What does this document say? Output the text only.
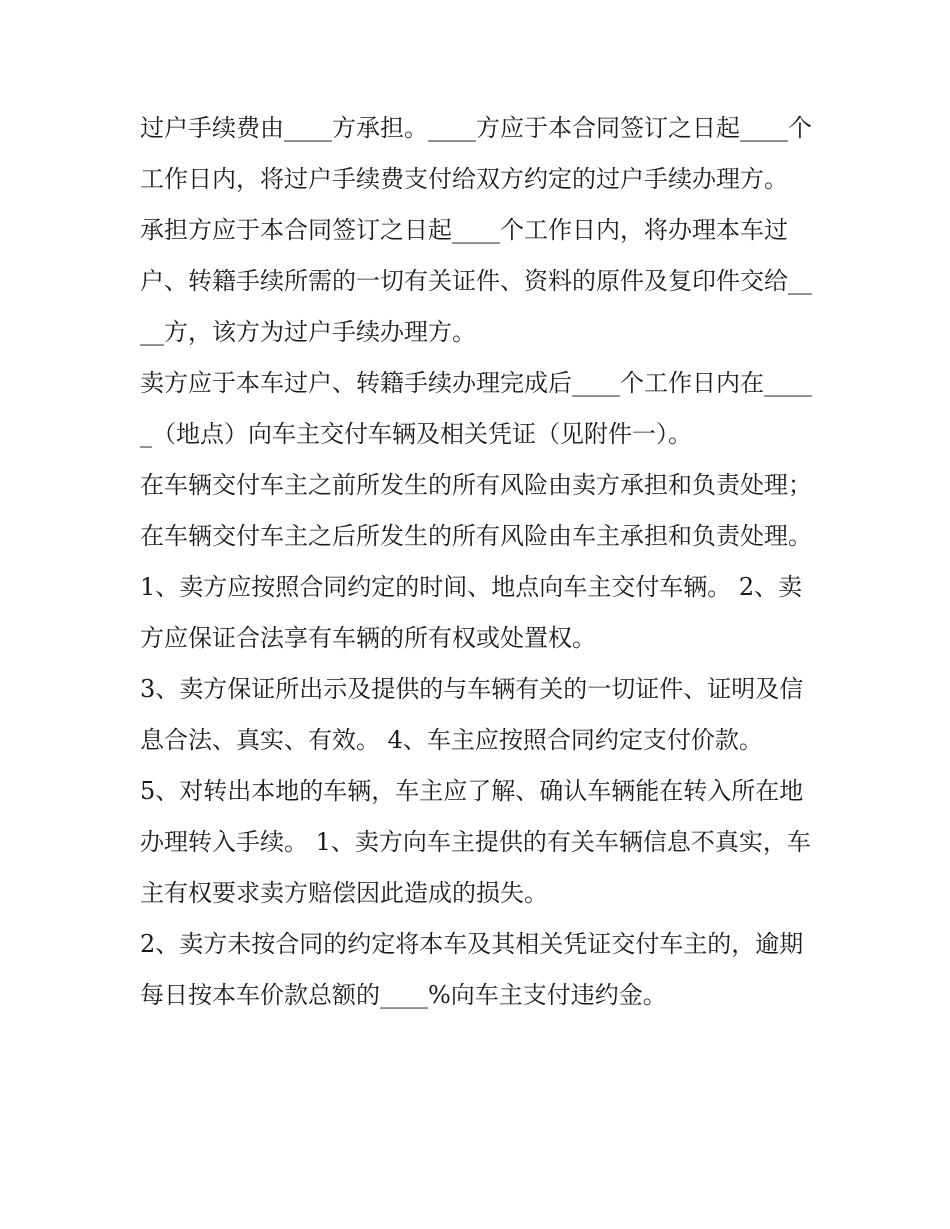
过户手续费由____方承担。____方应于本合同签订之日起____个工作日内，将过户手续费支付给双方约定的过户手续办理方。

承担方应于本合同签订之日起____个工作日内，将办理本车过户、转籍手续所需的一切有关证件、资料的原件及复印件交给____方，该方为过户手续办理方。

卖方应于本车过户、转籍手续办理完成后____个工作日内在_____（地点）向车主交付车辆及相关凭证（见附件一）。

在车辆交付车主之前所发生的所有风险由卖方承担和负责处理；在车辆交付车主之后所发生的所有风险由车主承担和负责处理。

1、卖方应按照合同约定的时间、地点向车主交付车辆。 2、卖方应保证合法享有车辆的所有权或处置权。

3、卖方保证所出示及提供的与车辆有关的一切证件、证明及信息合法、真实、有效。 4、车主应按照合同约定支付价款。

5、对转出本地的车辆，车主应了解、确认车辆能在转入所在地办理转入手续。 1、卖方向车主提供的有关车辆信息不真实，车主有权要求卖方赔偿因此造成的损失。

2、卖方未按合同的约定将本车及其相关凭证交付车主的，逾期每日按本车价款总额的____%向车主支付违约金。
